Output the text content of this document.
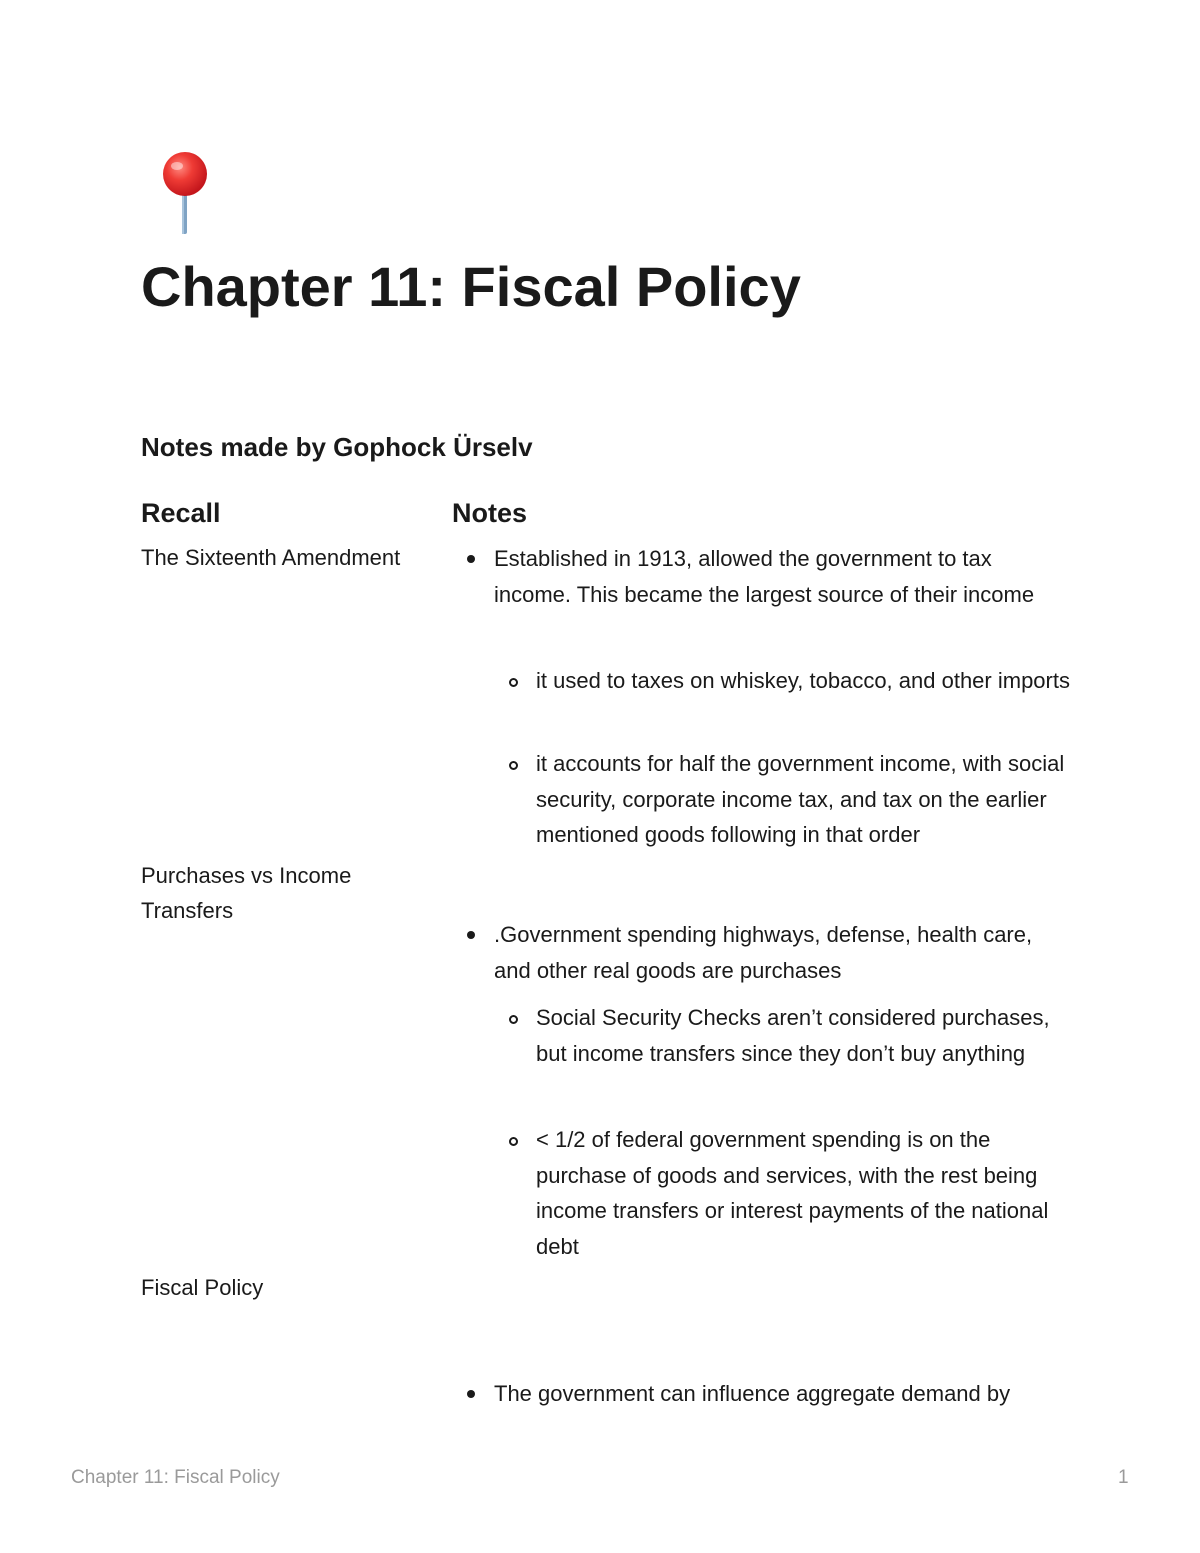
Chapter 11: Fiscal Policy
Notes made by Gophock Ürselv
Recall	Notes
The Sixteenth Amendment
Purchases vs Income Transfers
Fiscal Policy
Established in 1913, allowed the government to tax income. This became the largest source of their income
it used to taxes on whiskey, tobacco, and other imports
it accounts for half the government income, with social security, corporate income tax, and tax on the earlier mentioned goods following in that order
.Government spending highways, defense, health care, and other real goods are purchases
Social Security Checks aren’t considered purchases, but income transfers since they don’t buy anything
< 1/2 of federal government spending is on the purchase of goods and services, with the rest being income transfers or interest payments of the national debt
The government can influence aggregate demand by
Chapter 11: Fiscal Policy	1
